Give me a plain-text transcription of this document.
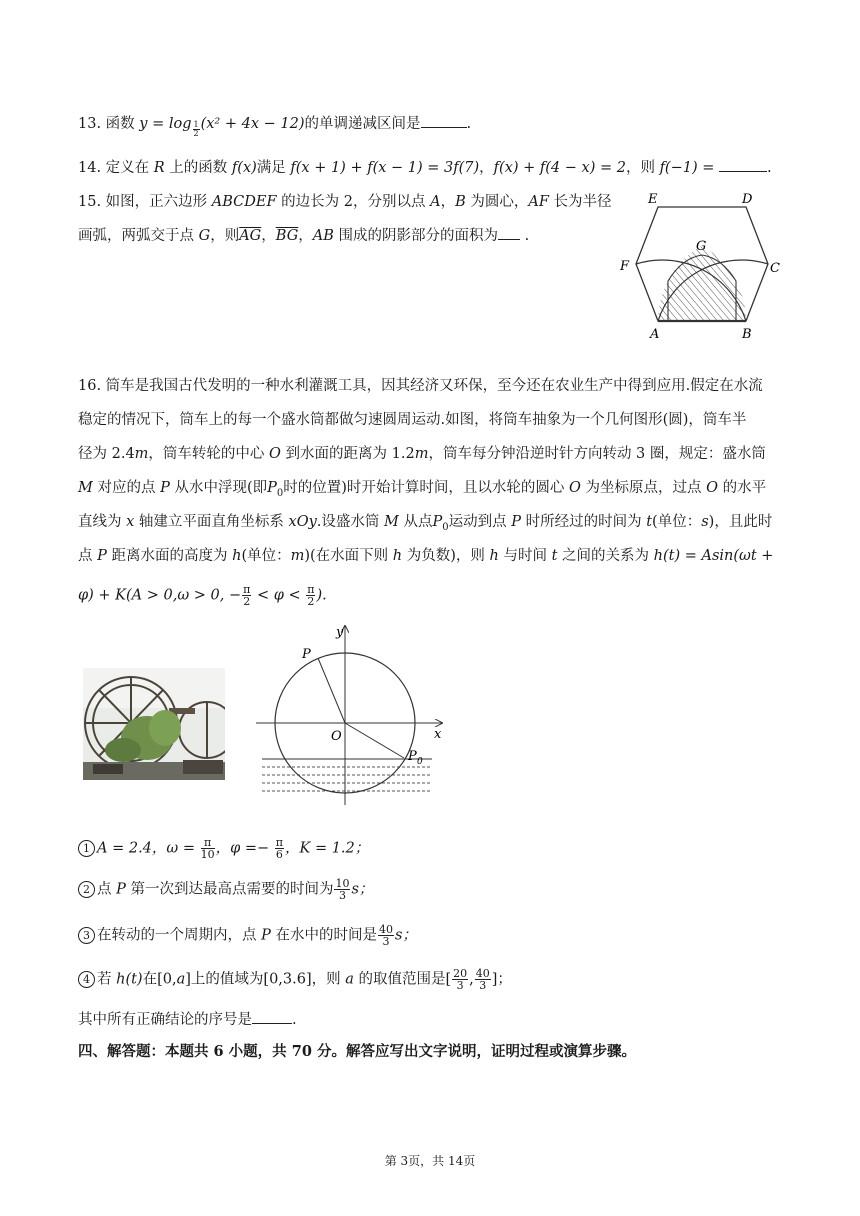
13. 函数 $y = \log \frac{1}{2} (x^2 + 4x - 12)$的单调递减区间是	.
14. 定义在 R 上的函数 f(x)满足 f(x + 1) + f(x − 1) = 3f(7)，f(x) + f(4 − x) = 2，则 f(−1) =	.
15. 如图，正六边形 ABCDEF 的边长为 2，分别以点 A，B 为圆心，AF 长为半径
画弧，两弧交于点 G，则$\overline{AG}$，$\overline{BG}$，AB 围成的阴影部分的面积为 .
E	D
F
G
C
A	B
16. 筒车是我国古代发明的一种水利灌溉工具，因其经济又环保，至今还在农业生产中得到应用.假定在水流
稳定的情况下，筒车上的每一个盛水筒都做匀速圆周运动.如图，将筒车抽象为一个几何图形(圆)，筒车半
径为 2.4m，筒车转轮的中心 O 到水面的距离为 1.2m，筒车每分钟沿逆时针方向转动 3 圈，规定：盛水筒
M 对应的点 P 从水中浮现(即$P_0$时的位置)时开始计算时间，且以水轮的圆心 O 为坐标原点，过点 O 的水平
直线为 x 轴建立平面直角坐标系 xOy.设盛水筒 M 从点$P_0$运动到点 P 时所经过的时间为 t(单位：s)，且此时
点 P 距离水面的高度为 h(单位：m)(在水面下则 h 为负数)，则 h 与时间 t 之间的关系为 h(t) = Asin(ωt +
φ) + K(A > 0,ω > 0, − $\frac{\pi}{2} < \varphi < \frac{\pi}{2}$ ).
y
x
O
P
P 0
1 A = 2.4，$\omega = \frac{\pi}{10}$ ，$\varphi =- \frac{\pi}{6}$ ，K = 1.2；
2 点 P 第一次到达最高点需要的时间为 $\frac{10}{3}$ s；
3 在转动的一个周期内，点 P 在水中的时间是 $\frac{40}{3}$ s；
4 若 h(t)在[0,a]上的值域为[0,3.6]，则 a 的取值范围是[ $\frac{20}{3}$ , $\frac{40}{3}$ ]；
其中所有正确结论的序号是	.
四、解答题：本题共 6 小题，共 70 分。解答应写出文字说明，证明过程或演算步骤。
第 3页，共 14页
